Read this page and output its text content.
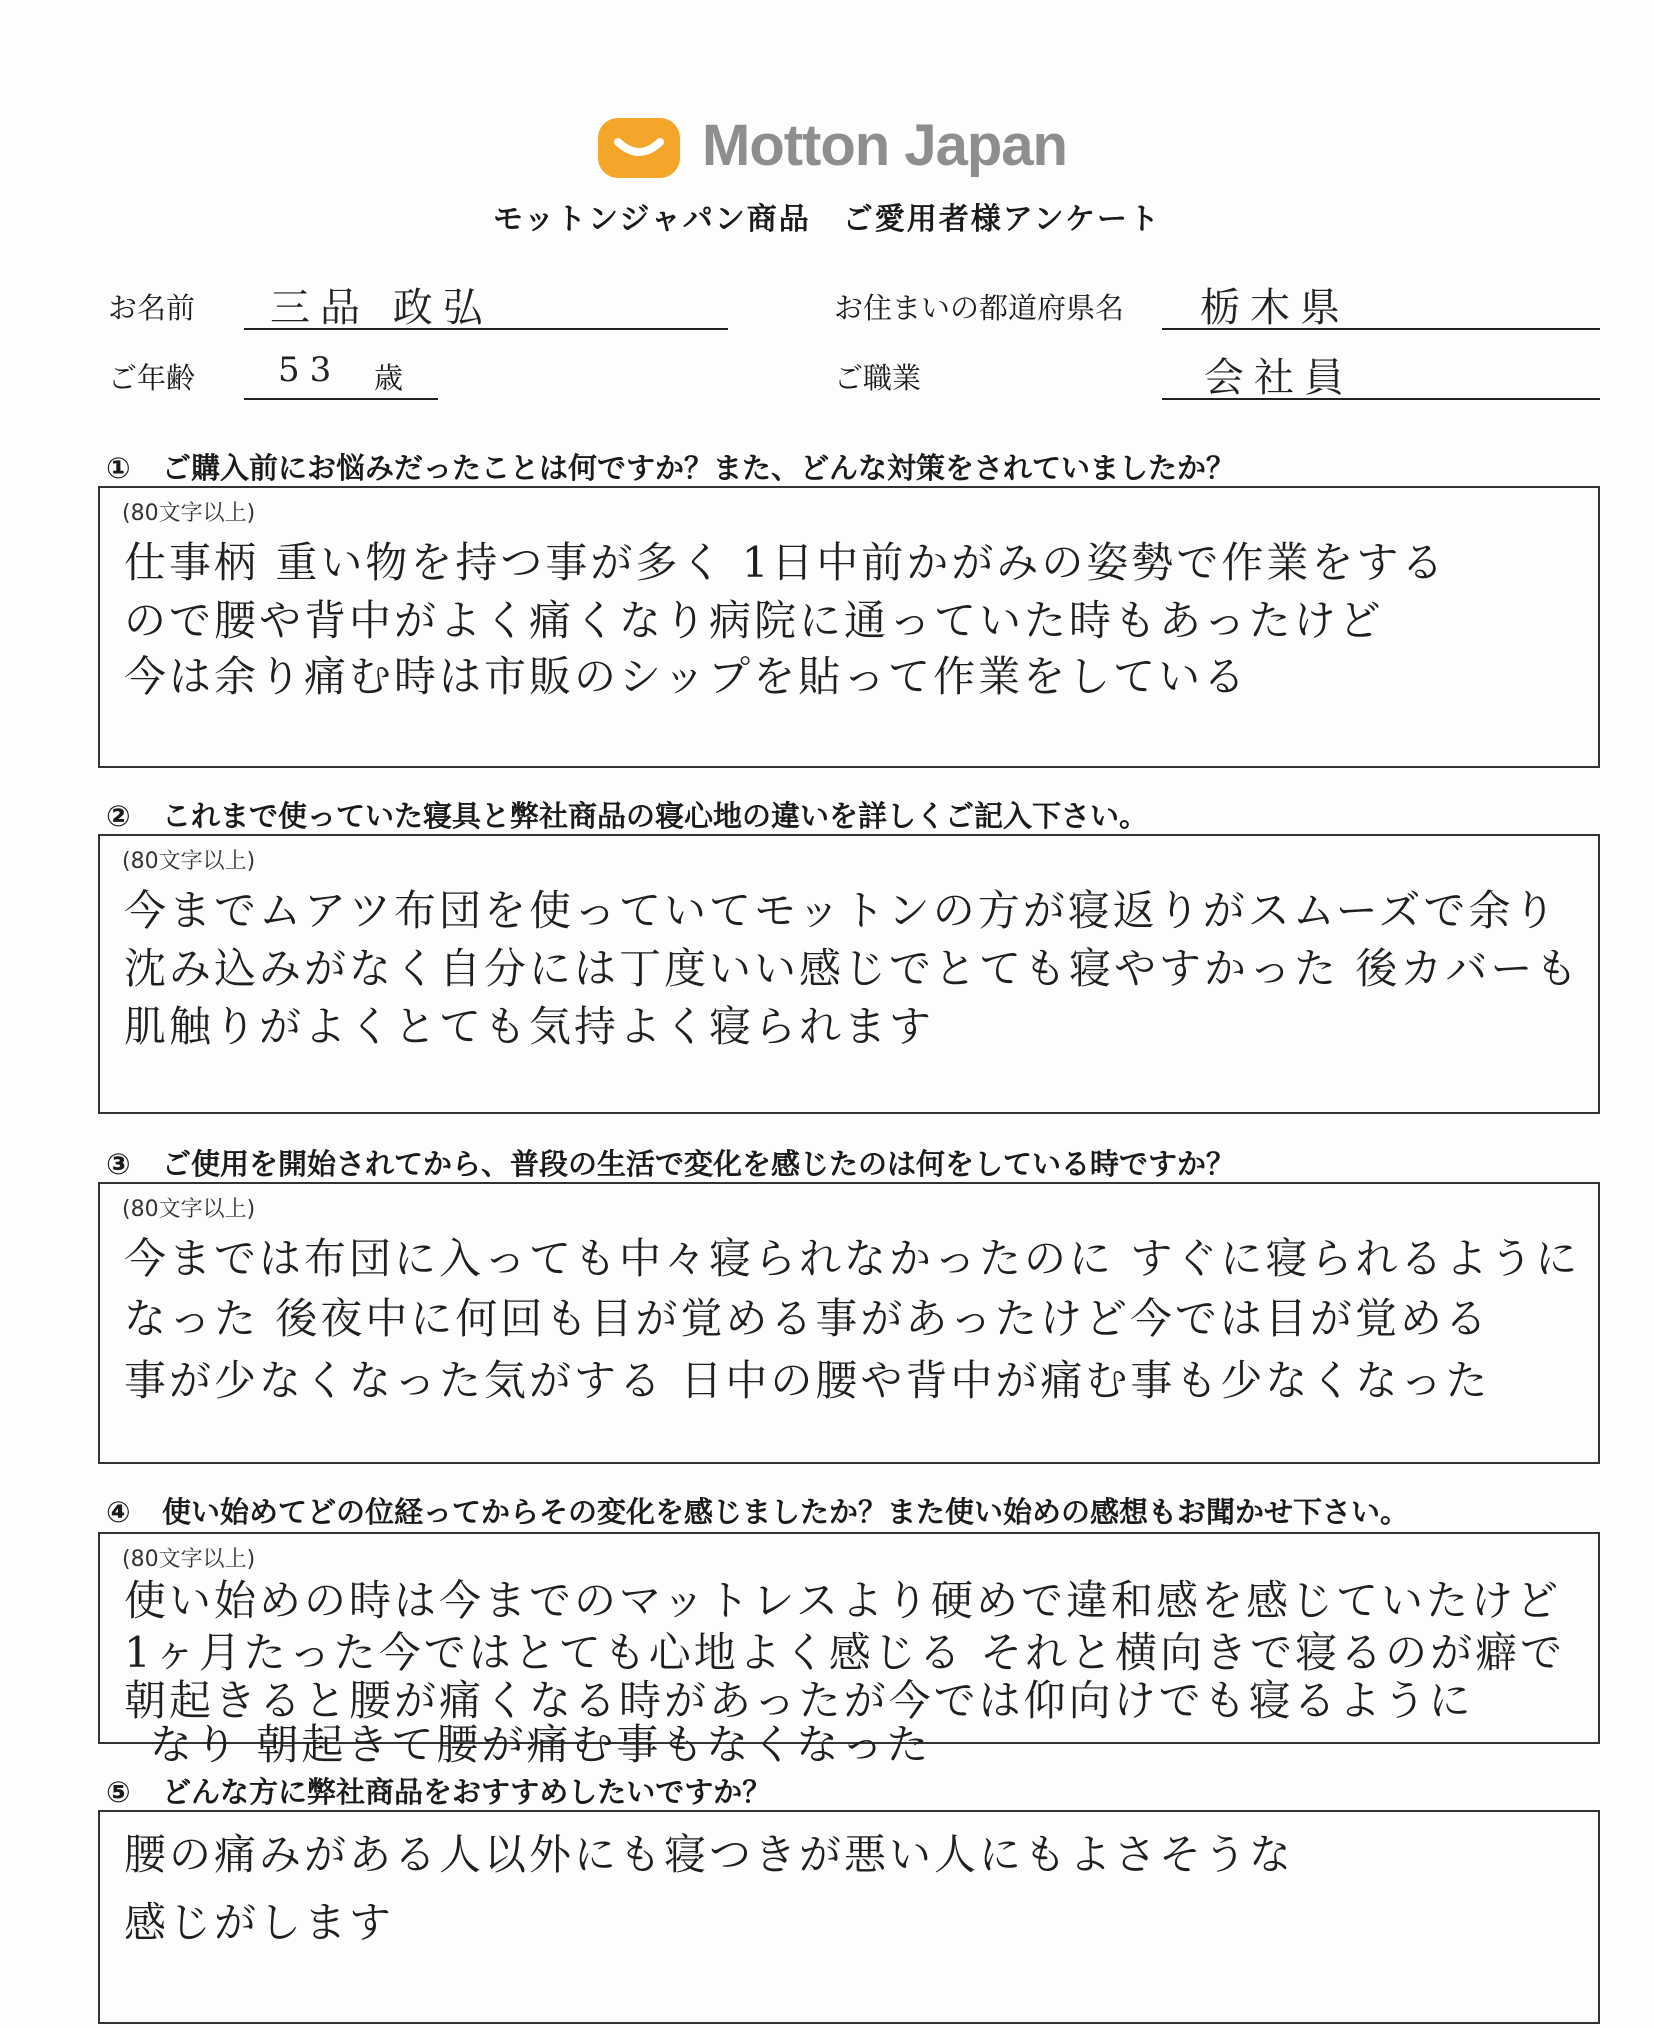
Motton Japan
モットンジャパン商品　ご愛用者様アンケート
お名前 三品 政弘	お住まいの都道府県名 栃木県
ご年齢 53 歳	ご職業	会社員
① ご購入前にお悩みだったことは何ですか？また、どんな対策をされていましたか？
(80文字以上)
仕事柄 重い物を持つ事が多く 1日中前かがみの姿勢で作業をする
ので腰や背中がよく痛くなり病院に通っていた時もあったけど
今は余り痛む時は市販のシップを貼って作業をしている
② これまで使っていた寝具と弊社商品の寝心地の違いを詳しくご記入下さい。
(80文字以上)
今までムアツ布団を使っていてモットンの方が寝返りがスムーズで余り
沈み込みがなく自分には丁度いい感じでとても寝やすかった 後カバーも
肌触りがよくとても気持よく寝られます
③ ご使用を開始されてから、普段の生活で変化を感じたのは何をしている時ですか？
(80文字以上)
今までは布団に入っても中々寝られなかったのに すぐに寝られるように
なった 後夜中に何回も目が覚める事があったけど今では目が覚める
事が少なくなった気がする 日中の腰や背中が痛む事も少なくなった
④ 使い始めてどの位経ってからその変化を感じましたか？また使い始めの感想もお聞かせ下さい。
(80文字以上)
使い始めの時は今までのマットレスより硬めで違和感を感じていたけど
1ヶ月たった今ではとても心地よく感じる それと横向きで寝るのが癖で
朝起きると腰が痛くなる時があったが今では仰向けでも寝るように
なり 朝起きて腰が痛む事もなくなった
⑤ どんな方に弊社商品をおすすめしたいですか？
腰の痛みがある人以外にも寝つきが悪い人にもよさそうな
感じがします
